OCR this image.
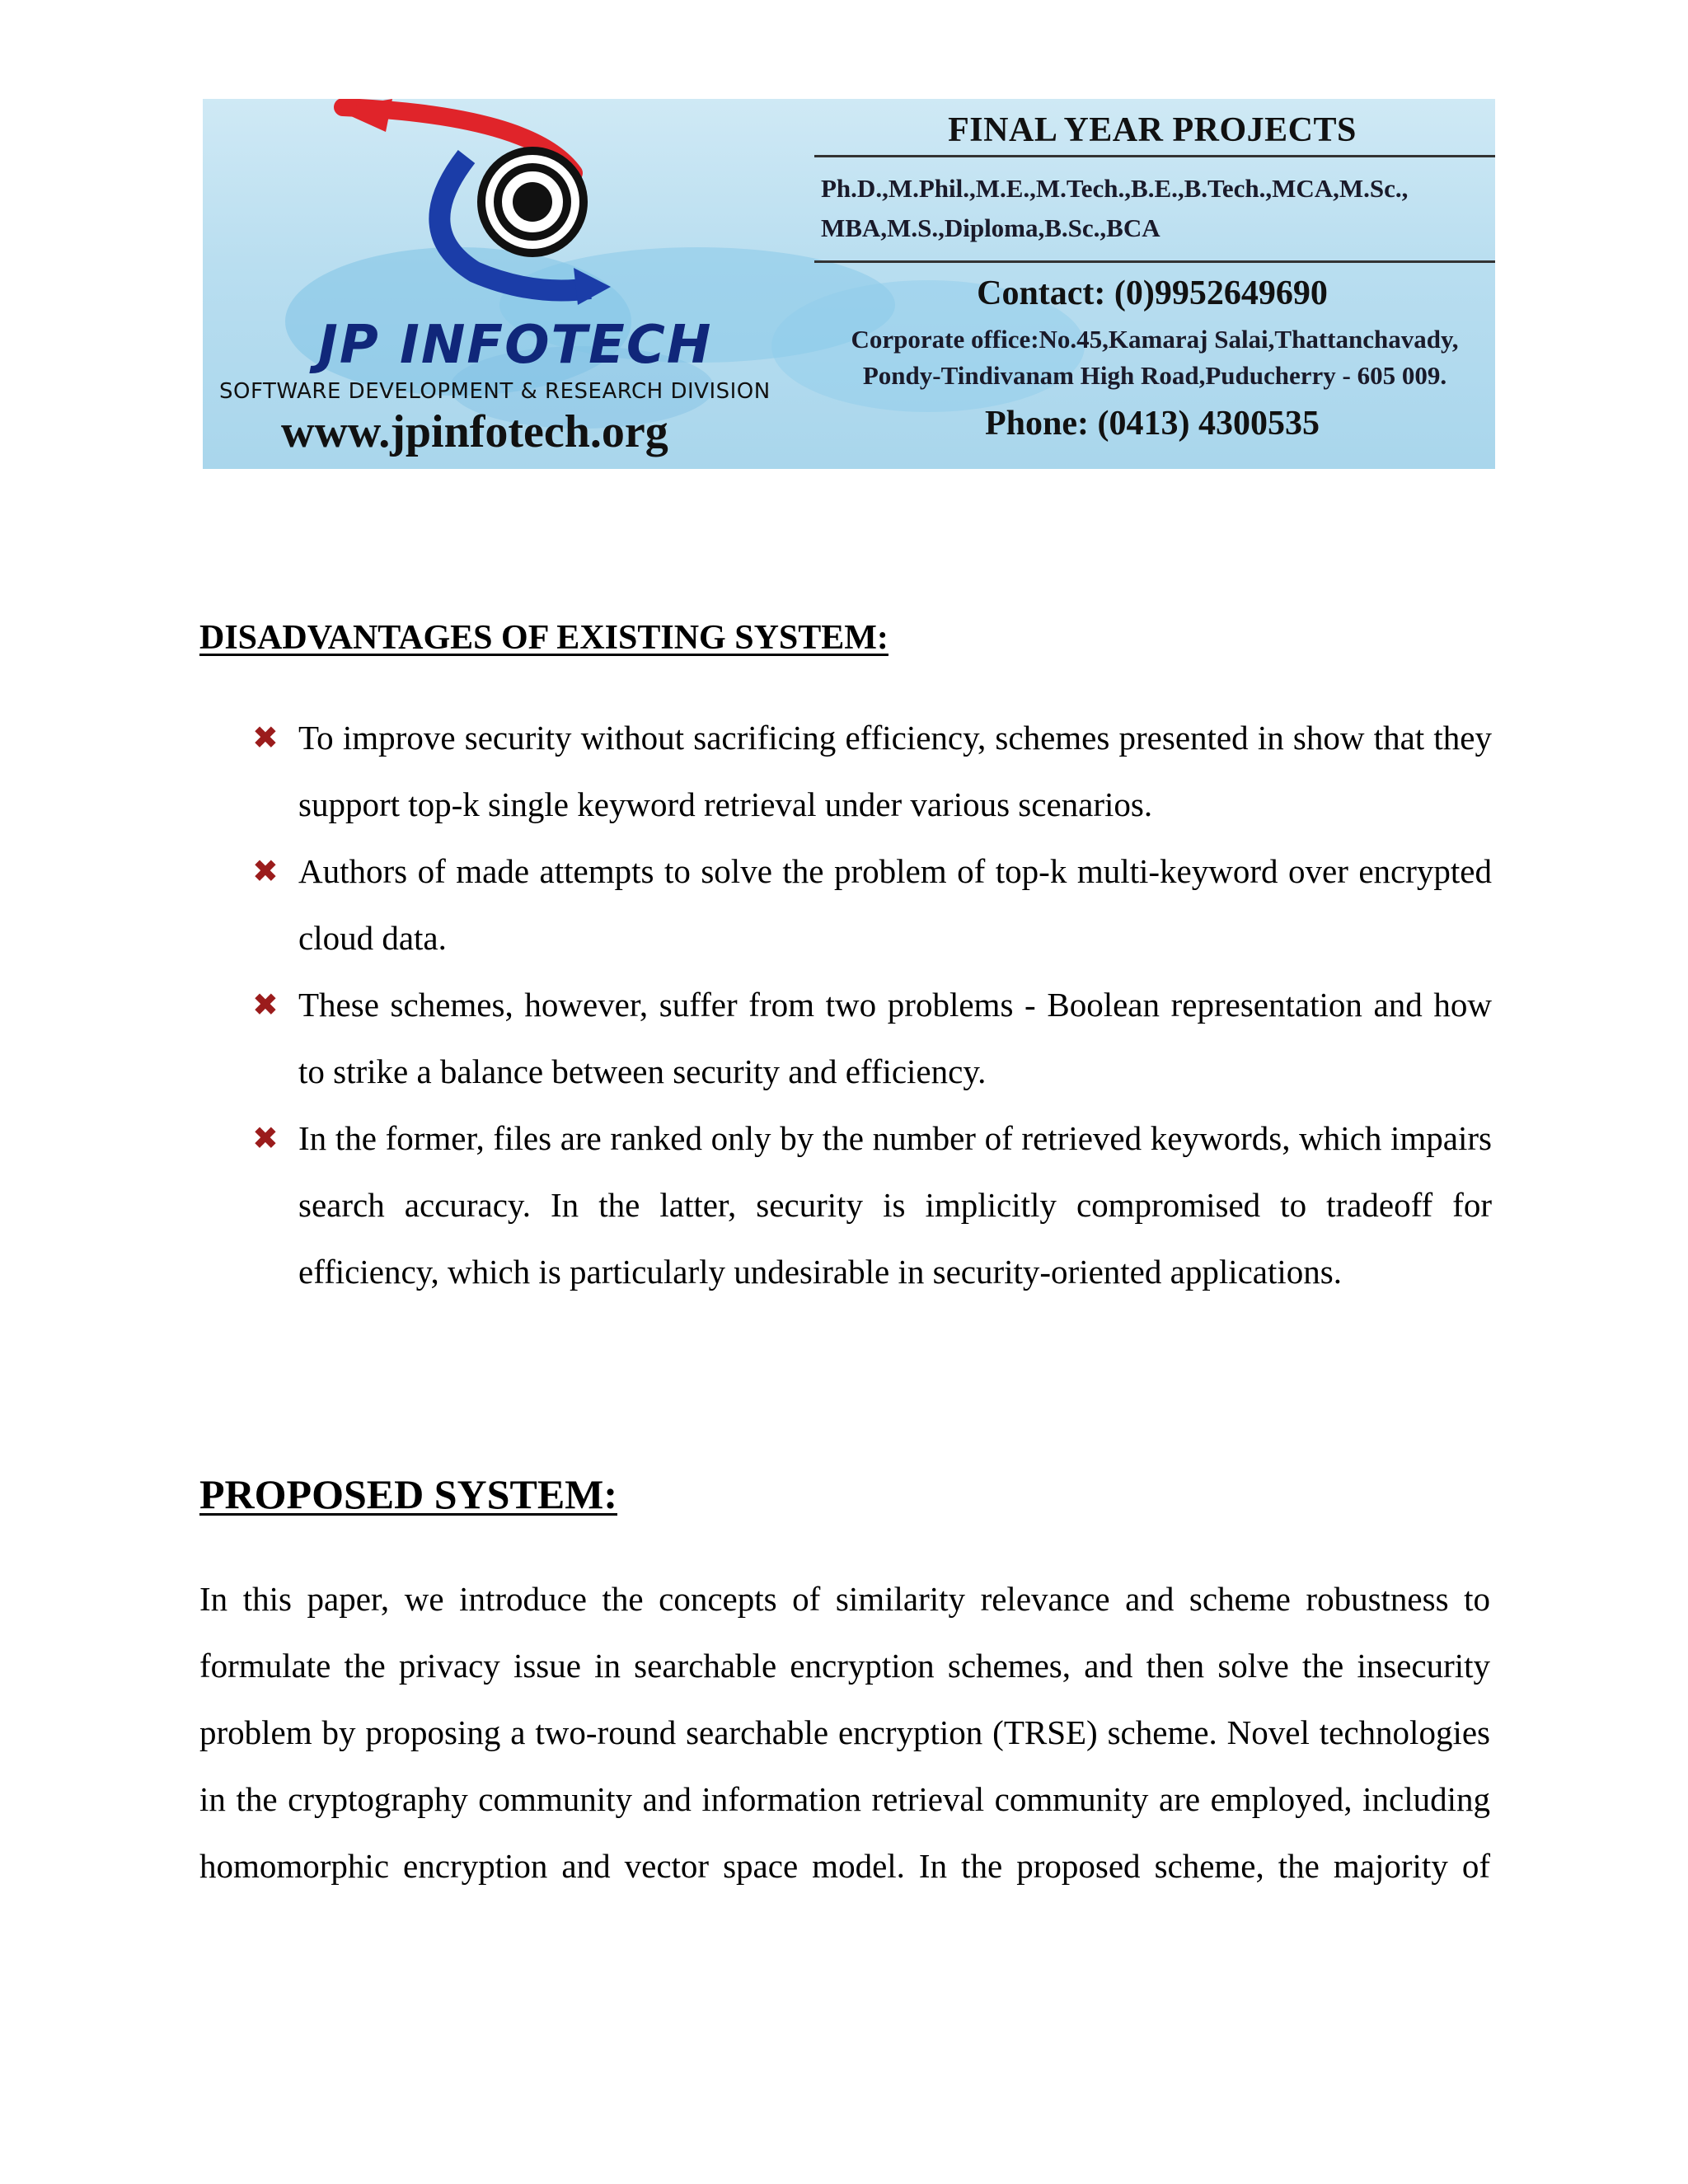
JP INFOTECH
SOFTWARE DEVELOPMENT & RESEARCH DIVISION
www.jpinfotech.org
FINAL YEAR PROJECTS
Ph.D.,M.Phil.,M.E.,M.Tech.,B.E.,B.Tech.,MCA,M.Sc., MBA,M.S.,Diploma,B.Sc.,BCA
Contact: (0)9952649690
Corporate office:No.45,Kamaraj Salai,Thattanchavady,
Pondy-Tindivanam High Road,Puducherry - 605 009.
Phone: (0413) 4300535
DISADVANTAGES OF EXISTING SYSTEM:
✖ To improve security without sacrificing efficiency, schemes presented in show that they support top-k single keyword retrieval under various scenarios.
✖ Authors of made attempts to solve the problem of top-k multi-keyword over encrypted cloud data.
✖ These schemes, however, suffer from two problems - Boolean representation and how to strike a balance between security and efficiency.
✖ In the former, files are ranked only by the number of retrieved keywords, which impairs search accuracy. In the latter, security is implicitly compromised to tradeoff for efficiency, which is particularly undesirable in security-oriented applications.
PROPOSED SYSTEM:

In this paper, we introduce the concepts of similarity relevance and scheme robustness to formulate the privacy issue in searchable encryption schemes, and then solve the insecurity problem by proposing a two-round searchable encryption (TRSE) scheme. Novel technologies in the cryptography community and information retrieval community are employed, including homomorphic encryption and vector space model. In the proposed scheme, the majority of
